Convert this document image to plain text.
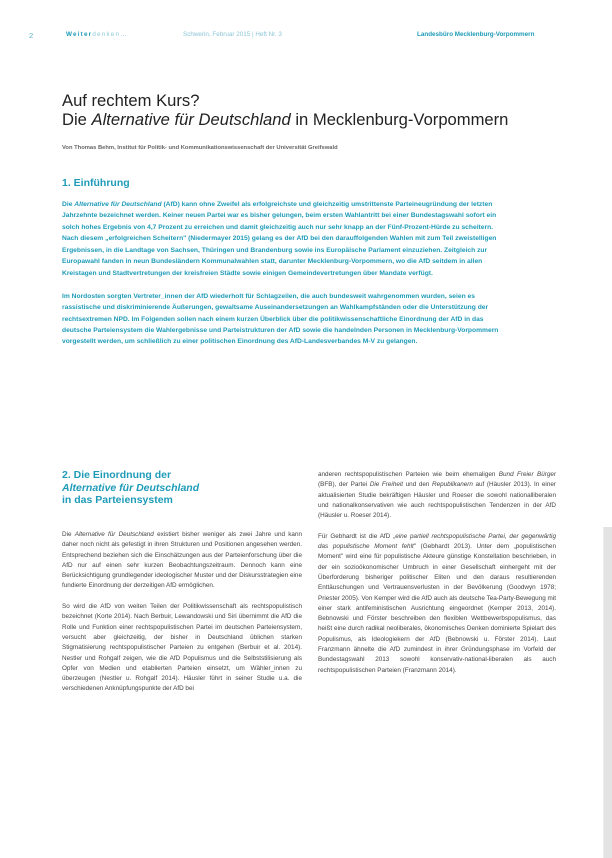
2	Weiterdenken…	Schwerin, Februar 2015 | Heft Nr. 3	Landesbüro Mecklenburg-Vorpommern
Auf rechtem Kurs?
Die Alternative für Deutschland in Mecklenburg-Vorpommern
Von Thomas Behm, Institut für Politik- und Kommunikationswissenschaft der Universität Greifswald
1. Einführung

Die Alternative für Deutschland (AfD) kann ohne Zweifel als erfolgreichste und gleichzeitig umstrittenste Parteineugründung der letzten Jahrzehnte bezeichnet werden. Keiner neuen Partei war es bisher gelungen, beim ersten Wahlantritt bei einer Bundestagswahl sofort ein solch hohes Ergebnis von 4,7 Prozent zu erreichen und damit gleichzeitig auch nur sehr knapp an der Fünf-Prozent-Hürde zu scheitern. Nach diesem „erfolgreichen Scheitern" (Niedermayer 2015) gelang es der AfD bei den darauffolgenden Wahlen mit zum Teil zweistelligen Ergebnissen, in die Landtage von Sachsen, Thüringen und Brandenburg sowie ins Europäische Parlament einzuziehen. Zeitgleich zur Europawahl fanden in neun Bundesländern Kommunalwahlen statt, darunter Mecklenburg-Vorpommern, wo die AfD seitdem in allen Kreistagen und Stadtvertretungen der kreisfreien Städte sowie einigen Gemeindevertretungen über Mandate verfügt.

Im Nordosten sorgten Vertreter_innen der AfD wiederholt für Schlagzeilen, die auch bundesweit wahrgenommen wurden, seien es rassistische und diskriminierende Äußerungen, gewaltsame Auseinandersetzungen an Wahlkampfständen oder die Unterstützung der rechtsextremen NPD. Im Folgenden sollen nach einem kurzen Überblick über die politikwissenschaftliche Einordnung der AfD in das deutsche Parteiensystem die Wahlergebnisse und Parteistrukturen der AfD sowie die handelnden Personen in Mecklenburg-Vorpommern vorgestellt werden, um schließlich zu einer politischen Einordnung des AfD-Landesverbandes M-V zu gelangen.

2. Die Einordnung der
Alternative für Deutschland
in das Parteiensystem

Die Alternative für Deutschland existiert bisher weniger als zwei Jahre und kann daher noch nicht als gefestigt in ihren Strukturen und Positionen angesehen werden. Entsprechend beziehen sich die Einschätzungen aus der Parteienforschung über die AfD nur auf einen sehr kurzen Beobachtungszeitraum. Dennoch kann eine Berücksichtigung grundlegender ideologischer Muster und der Diskursstrategien eine fundierte Einordnung der derzeitigen AfD ermöglichen.

So wird die AfD von weiten Teilen der Politikwissenschaft als rechtspopulistisch bezeichnet (Korte 2014). Nach Berbuir, Lewandowski und Siri übernimmt die AfD die Rolle und Funktion einer rechtspopulistischen Partei im deutschen Parteiensystem, versucht aber gleichzeitig, der bisher in Deutschland üblichen starken Stigmatisierung rechtspopulistischer Parteien zu entgehen (Berbuir et al. 2014). Nestler und Rohgalf zeigen, wie die AfD Populismus und die Selbststilisierung als Opfer von Medien und etablierten Parteien einsetzt, um Wähler_innen zu überzeugen (Nestler u. Rohgalf 2014). Häusler führt in seiner Studie u.a. die verschiedenen Anknüpfungspunkte der AfD bei

anderen rechtspopulistischen Parteien wie beim ehemaligen Bund Freier Bürger (BFB), der Partei Die Freiheit und den Republikanern auf (Häusler 2013). In einer aktualisierten Studie bekräftigen Häusler und Roeser die sowohl nationalliberalen und nationalkonservativen wie auch rechtspopulistischen Tendenzen in der AfD (Häusler u. Roeser 2014).

Für Gebhardt ist die AfD „eine partiell rechtspopulistische Partei, der gegenwärtig das populistische Moment fehlt" (Gebhardt 2013). Unter dem „populistischen Moment" wird eine für populistische Akteure günstige Konstellation beschrieben, in der ein sozioökonomischer Umbruch in einer Gesellschaft einhergeht mit der Überforderung bisheriger politischer Eliten und den daraus resultierenden Enttäuschungen und Vertrauensverlusten in der Bevölkerung (Goodwyn 1978; Priester 2005). Von Kemper wird die AfD auch als deutsche Tea-Party-Bewegung mit einer stark antifeministischen Ausrichtung eingeordnet (Kemper 2013, 2014). Bebnowski und Förster beschreiben den flexiblen Wettbewerbspopulismus, das heißt eine durch radikal neoliberales, ökonomisches Denken dominierte Spielart des Populismus, als Ideologiekern der AfD (Bebnowski u. Förster 2014). Laut Franzmann ähnelte die AfD zumindest in ihrer Gründungsphase im Vorfeld der Bundestagswahl 2013 sowohl konservativ-national-liberalen als auch rechtspopulistischen Parteien (Franzmann 2014).
